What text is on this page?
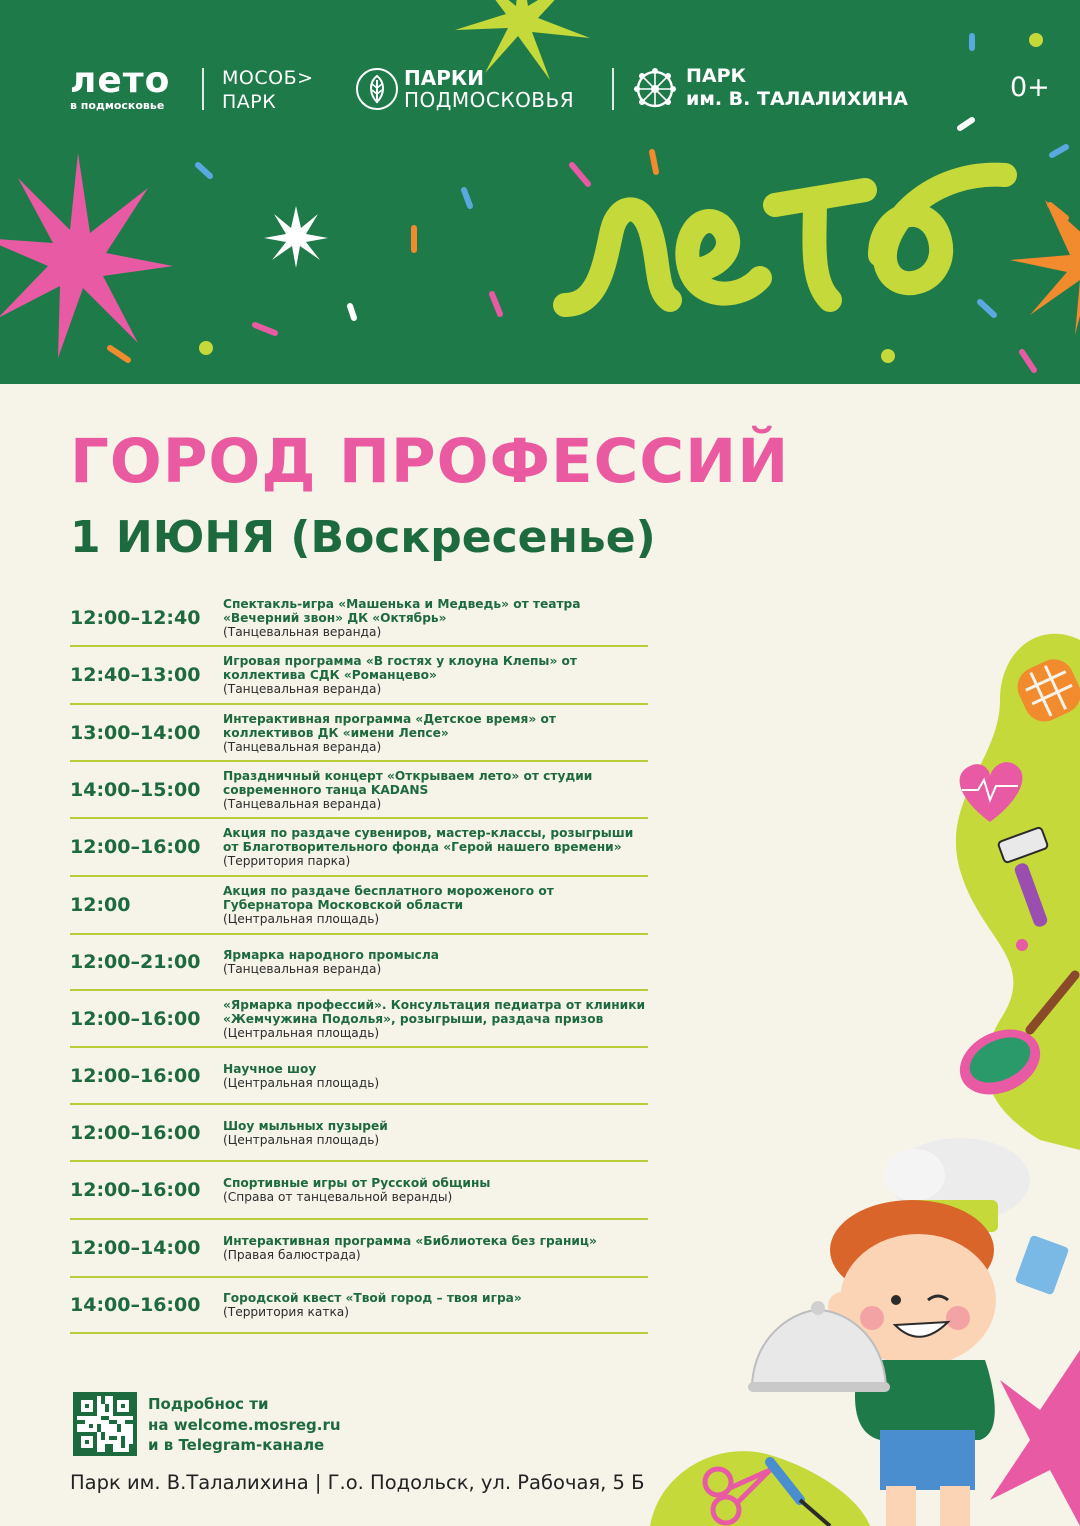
лето
в подмосковье
МОСОБ>
ПАРК
ПАРКИ
ПОДМОСКОВЬЯ
ПАРК
им. В. ТАЛАЛИХИНА	0+
ГОРОД ПРОФЕССИЙ
1 ИЮНЯ (Воскресенье)
12:00–12:40
Спектакль-игра «Машенька и Медведь» от театра «Вечерний звон» ДК «Октябрь»
(Танцевальная веранда)
12:40–13:00
Игровая программа «В гостях у клоуна Клепы» от коллектива СДК «Романцево»
(Танцевальная веранда)
13:00–14:00
Интерактивная программа «Детское время» от коллективов ДК «имени Лепсе»
(Танцевальная веранда)
14:00–15:00
Праздничный концерт «Открываем лето» от студии современного танца KADANS
(Танцевальная веранда)
12:00–16:00
Акция по раздаче сувениров, мастер-классы, розыгрыши от Благотворительного фонда «Герой нашего времени»
(Территория парка)
12:00
Акция по раздаче бесплатного мороженого от Губернатора Московской области
(Центральная площадь)
12:00–21:00 Ярмарка народного промысла
(Танцевальная веранда)
12:00–16:00
«Ярмарка профессий». Консультация педиатра от клиники «Жемчужина Подолья», розыгрыши, раздача призов
(Центральная площадь)
12:00–16:00 Научное шоу
(Центральная площадь)
12:00–16:00 Шоу мыльных пузырей
(Центральная площадь)
12:00–16:00 Спортивные игры от Русской общины
(Справа от танцевальной веранды)
12:00–14:00 Интерактивная программа «Библиотека без границ»
(Правая балюстрада)
14:00–16:00 Городской квест «Твой город – твоя игра»
(Территория катка)
Подробнос ти
на welcome.mosreg.ru
и в Telegram-канале
Парк им. В.Талалихина | Г.о. Подольск, ул. Рабочая, 5 Б
